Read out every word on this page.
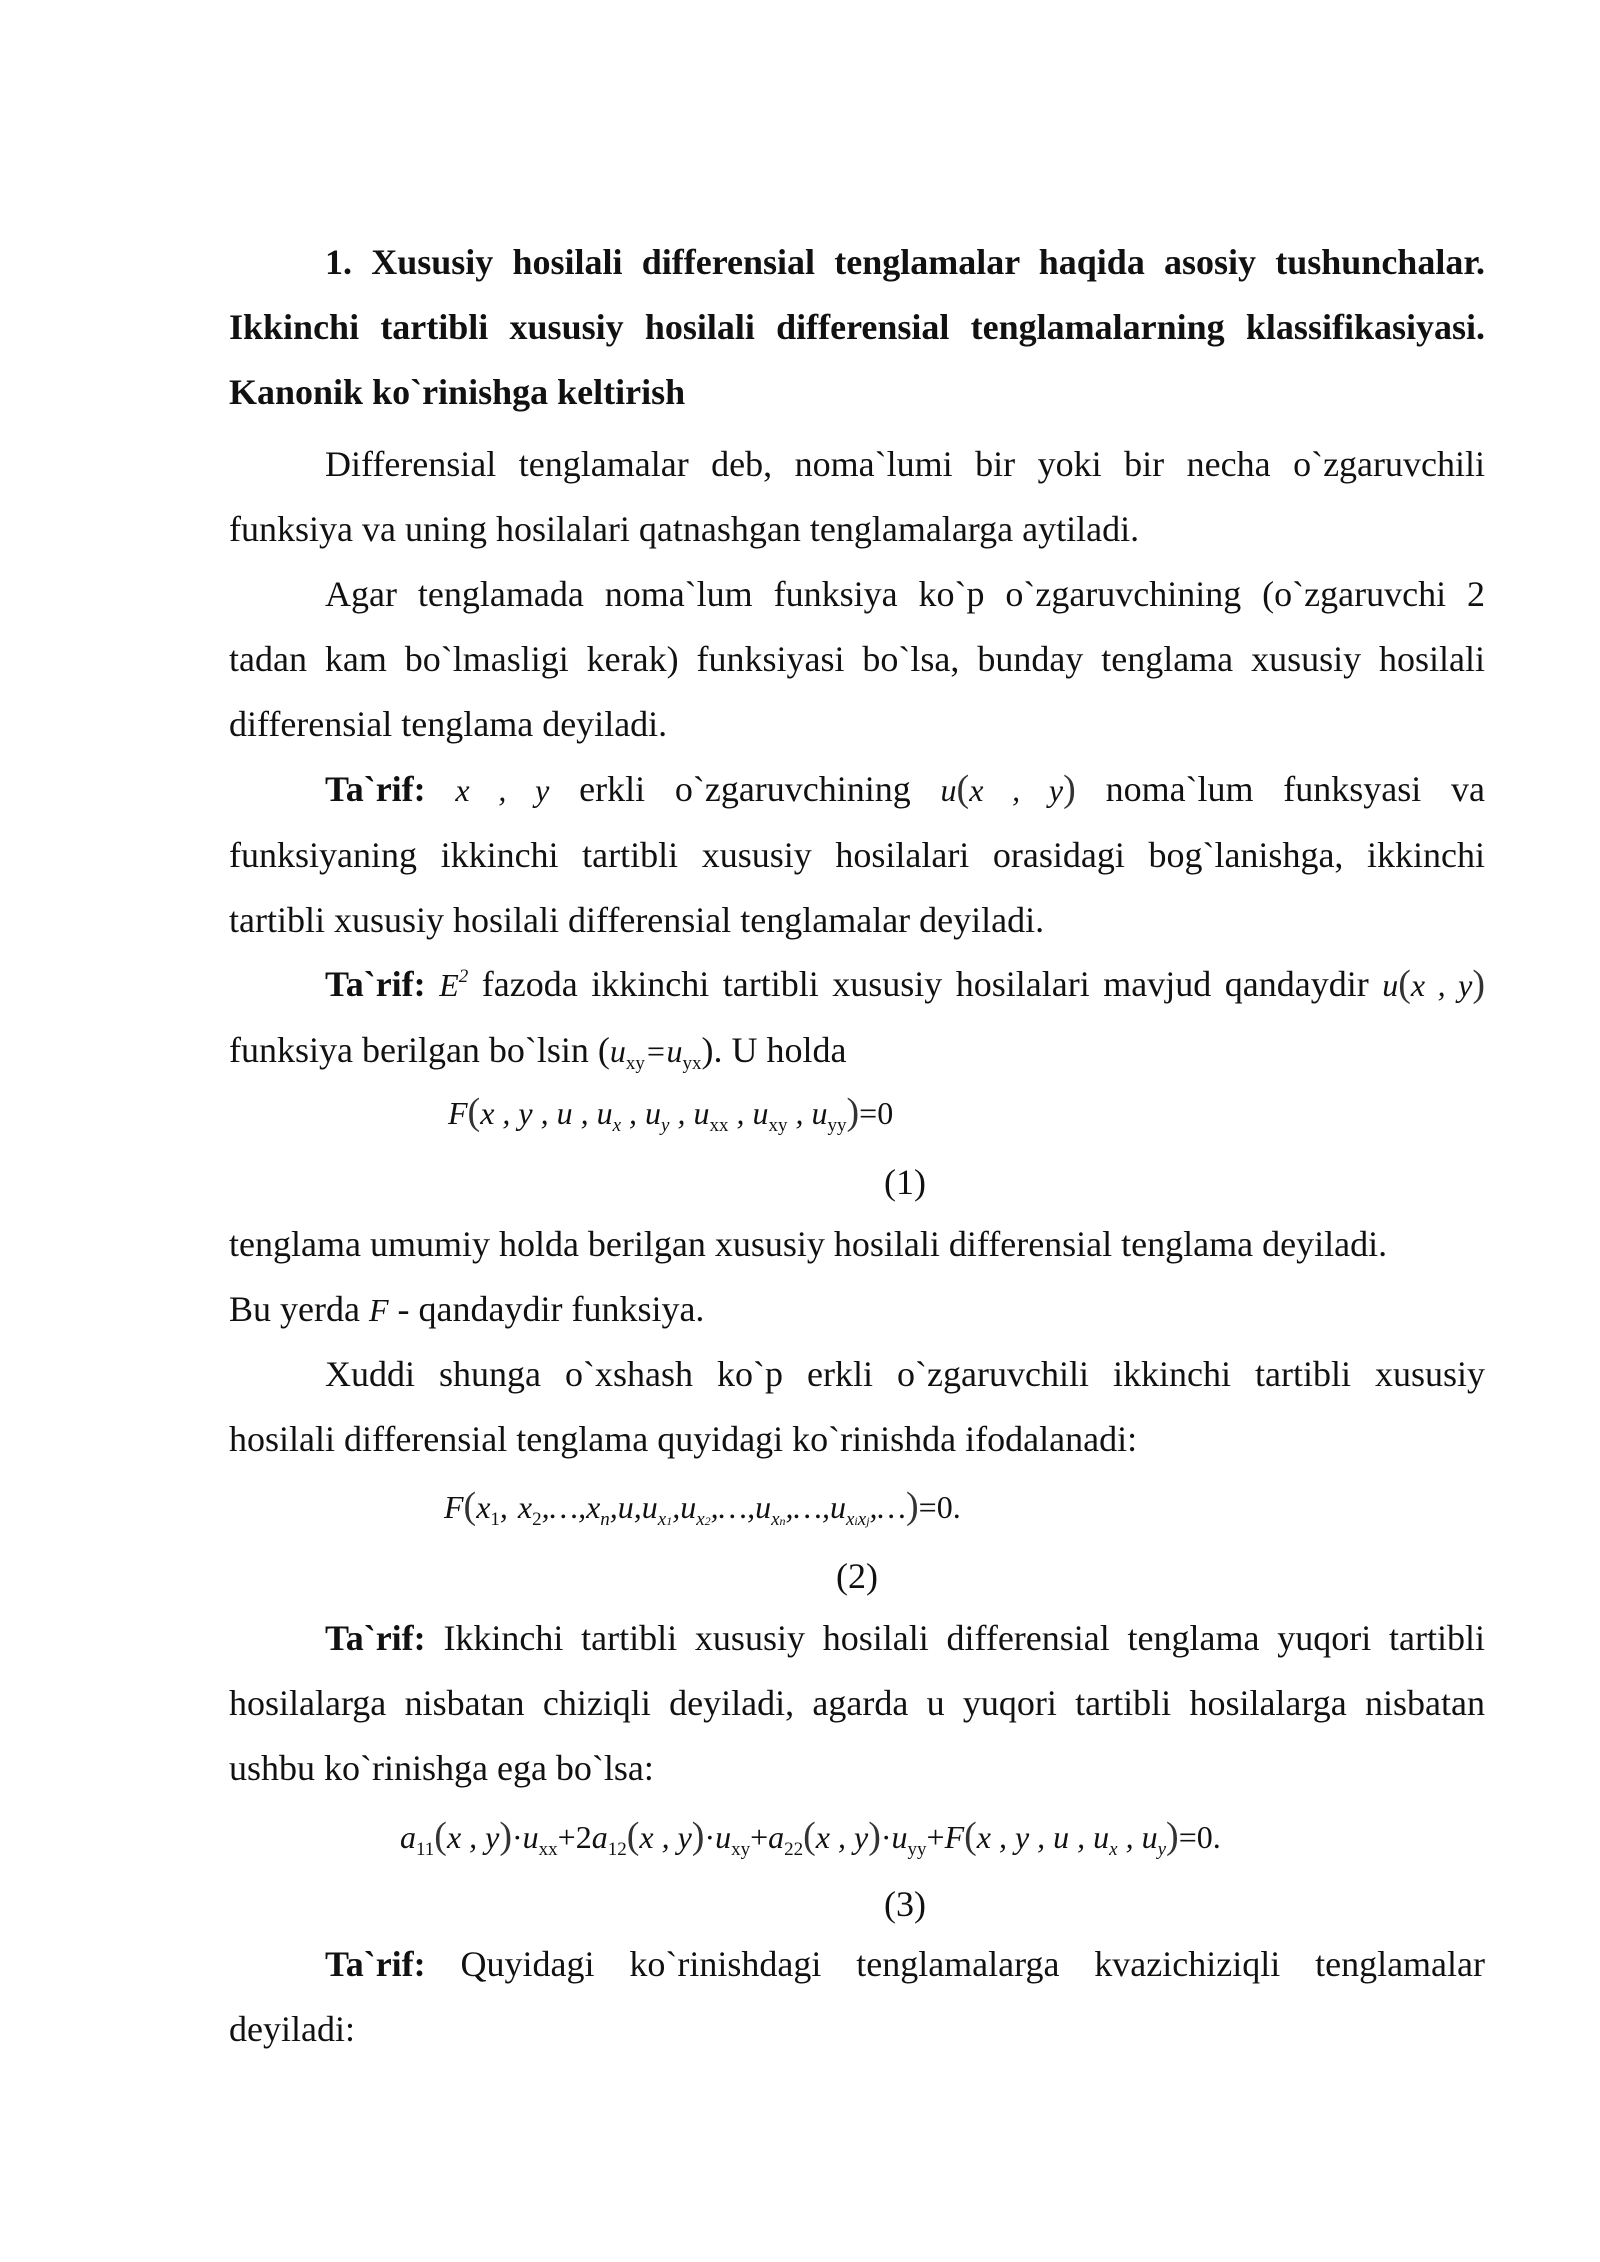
1. Xususiy hosilali differensial tenglamalar haqida asosiy tushunchalar.
Ikkinchi tartibli xususiy hosilali differensial tenglamalarning klassifikasiyasi.
Kanonik ko`rinishga keltirish
Differensial tenglamalar deb, noma`lumi bir yoki bir necha o`zgaruvchili
funksiya va uning hosilalari qatnashgan tenglamalarga aytiladi.
Agar tenglamada noma`lum funksiya ko`p o`zgaruvchining (o`zgaruvchi 2
tadan kam bo`lmasligi kerak) funksiyasi bo`lsa, bunday tenglama xususiy hosilali
differensial tenglama deyiladi.
Ta`rif: x , y erkli o`zgaruvchining u(x , y) noma`lum funksyasi va
funksiyaning ikkinchi tartibli xususiy hosilalari orasidagi bog`lanishga, ikkinchi
tartibli xususiy hosilali differensial tenglamalar deyiladi.
Ta`rif: $E^2$ fazoda ikkinchi tartibli xususiy hosilalari mavjud qandaydir u(x , y)
funksiya berilgan bo`lsin $(u_{xy}=u_{yx})$. U holda
F(x , y , u , $u_x$ , $u_y$ , $u_{xx}$ , $u_{xy}$ , $u_{yy})=0$
(1)
tenglama umumiy holda berilgan xususiy hosilali differensial tenglama deyiladi.
Bu yerda F - qandaydir funksiya.
Xuddi shunga o`xshash ko`p erkli o`zgaruvchili ikkinchi tartibli xususiy
hosilali differensial tenglama quyidagi ko`rinishda ifodalanadi:
$F(x_1$, $x_2,\dots,x_n,u,u_{x1},u_{x2},\dots,u_{xn},\dots,u_{xixj},\dots)=0$.
(2)
Ta`rif: Ikkinchi tartibli xususiy hosilali differensial tenglama yuqori tartibli
hosilalarga nisbatan chiziqli deyiladi, agarda u yuqori tartibli hosilalarga nisbatan
ushbu ko`rinishga ega bo`lsa:
$a_{11}(x$ , $y)\cdot u_{xx}+2a_{12}(x$ , $y)\cdot u_{xy}+a_{22}(x$ , $y)\cdot u_{yy}+F(x$ , y , u , $u_x$ , $u_y)=0$.
(3)
Ta`rif: Quyidagi ko`rinishdagi tenglamalarga kvazichiziqli tenglamalar
deyiladi:
